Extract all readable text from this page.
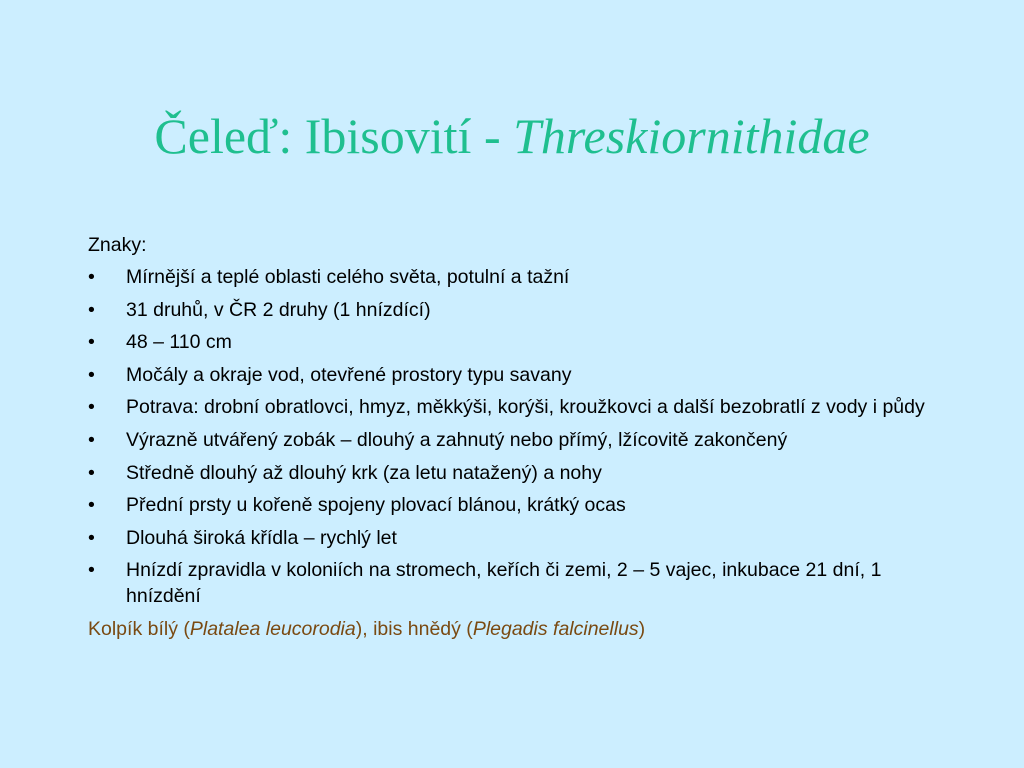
Čeleď: Ibisovití - Threskiornithidae
Znaky:
• Mírnější a teplé oblasti celého světa, potulní a tažní
• 31 druhů, v ČR 2 druhy (1 hnízdící)
• 48 – 110 cm
• Močály a okraje vod, otevřené prostory typu savany
• Potrava: drobní obratlovci, hmyz, měkkýši, korýši, kroužkovci a další bezobratlí z vody i půdy
• Výrazně utvářený zobák – dlouhý a zahnutý nebo přímý, lžícovitě zakončený
• Středně dlouhý až dlouhý krk (za letu natažený) a nohy
• Přední prsty u kořeně spojeny plovací blánou, krátký ocas
• Dlouhá široká křídla – rychlý let
• Hnízdí zpravidla v koloniích na stromech, keřích či zemi, 2 – 5 vajec, inkubace 21 dní, 1 hnízdění
Kolpík bílý (Platalea leucorodia), ibis hnědý (Plegadis falcinellus)
